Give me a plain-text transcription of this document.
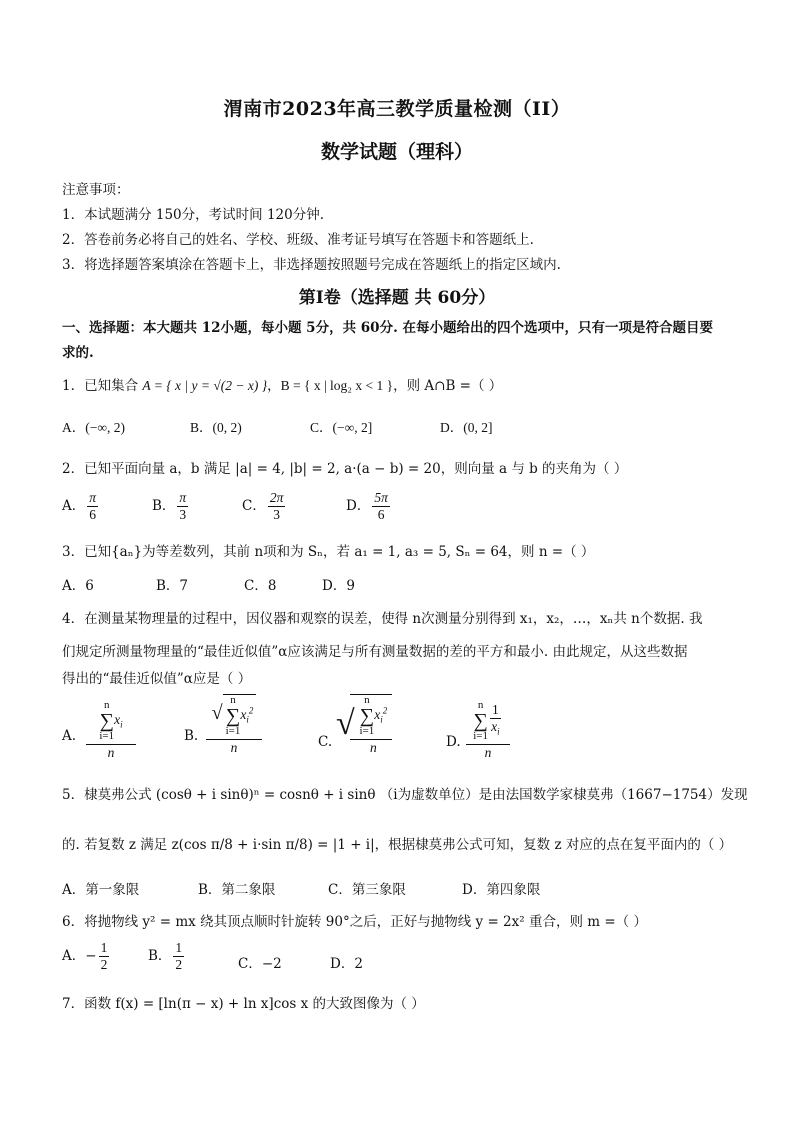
渭南市2023年高三教学质量检测（II）
数学试题（理科）
注意事项：
1．本试题满分 150分，考试时间 120分钟.
2．答卷前务必将自己的姓名、学校、班级、准考证号填写在答题卡和答题纸上.
3．将选择题答案填涂在答题卡上，非选择题按照题号完成在答题纸上的指定区域内.
第Ⅰ卷（选择题 共 60分）
一、选择题：本大题共 12小题，每小题 5分，共 60分. 在每小题给出的四个选项中，只有一项是符合题目要
求的.
1．已知集合 A = { x | y = √(2 − x) }，B = { x | log₂ x < 1 }，则 A∩B =（ ）
A．(−∞, 2)	B．(0, 2)	C．(−∞, 2]	D．(0, 2]
2．已知平面向量 a，b 满足 |a| = 4, |b| = 2, a·(a − b) = 20，则向量 a 与 b 的夹角为（ ）
A． $\frac{\pi}{6}$	B． $\frac{\pi}{3}$	C． $\frac{2\pi}{3}$	D． $\frac{5\pi}{6}$
3．已知{aₙ}为等差数列，其前 n项和为 Sₙ，若 a₁ = 1, a₃ = 5, Sₙ = 64，则 n =（ ）
A．6	B．7	C．8	D．9
4．在测量某物理量的过程中，因仪器和观察的误差，使得 n次测量分别得到 x₁，x₂，…，xₙ共 n个数据. 我
们规定所测量物理量的“最佳近似值”α应该满足与所有测量数据的差的平方和最小. 由此规定，从这些数据
得出的“最佳近似值”α应是（ ）
A.
n
∑
$i=1x_i$
n
B.
√n
∑
$i=1x_i^2$
n	C. √
n
∑
$i=1x_i^2$
n	D.
n
∑
$i=1 \frac{1}{x_i}$
n
5．棣莫弗公式 (cosθ + i sinθ)ⁿ = cosnθ + i sinθ （i为虚数单位）是由法国数学家棣莫弗（1667−1754）发现
的. 若复数 z 满足 z(cos π/8 + i·sin π/8) = |1 + i|，根据棣莫弗公式可知，复数 z 对应的点在复平面内的（ ）
A．第一象限	B．第二象限	C．第三象限	D．第四象限
6．将抛物线 y² = mx 绕其顶点顺时针旋转 90°之后，正好与抛物线 y = 2x² 重合，则 m =（ ）
A．− $\frac{1}{2}$	B． $\frac{1}{2}$	C．−2	D．2
7．函数 f(x) = [ln(π − x) + ln x]cos x 的大致图像为（ ）
